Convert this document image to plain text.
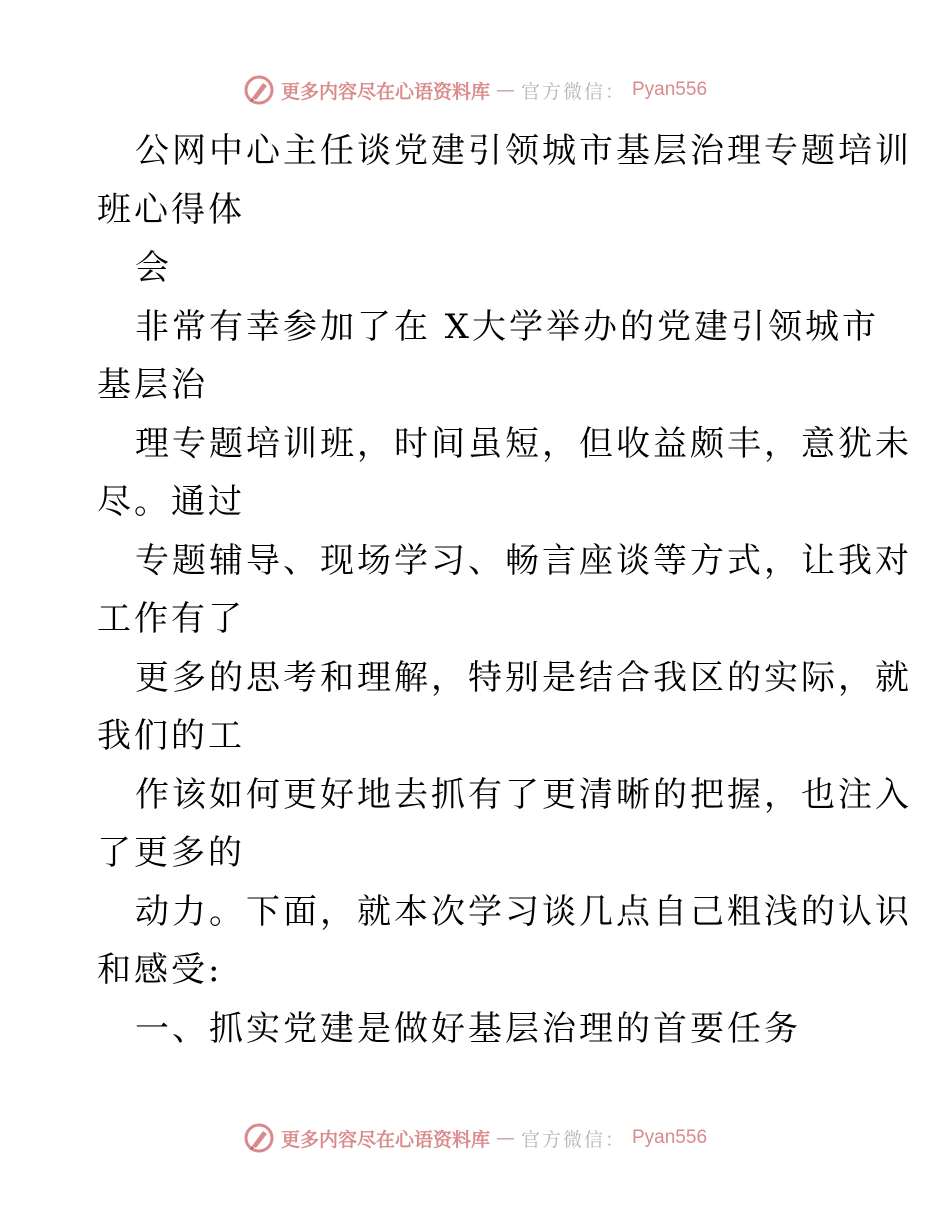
更多内容尽在心语资料库 — 官方微信： Pyan556
公网中心主任谈党建引领城市基层治理专题培训
班心得体
会
非常有幸参加了在 X大学举办的党建引领城市
基层治
理专题培训班，时间虽短，但收益颇丰，意犹未
尽。通过
专题辅导、现场学习、畅言座谈等方式，让我对
工作有了
更多的思考和理解，特别是结合我区的实际，就
我们的工
作该如何更好地去抓有了更清晰的把握，也注入
了更多的
动力。下面，就本次学习谈几点自己粗浅的认识
和感受:
一、抓实党建是做好基层治理的首要任务
更多内容尽在心语资料库 — 官方微信： Pyan556
